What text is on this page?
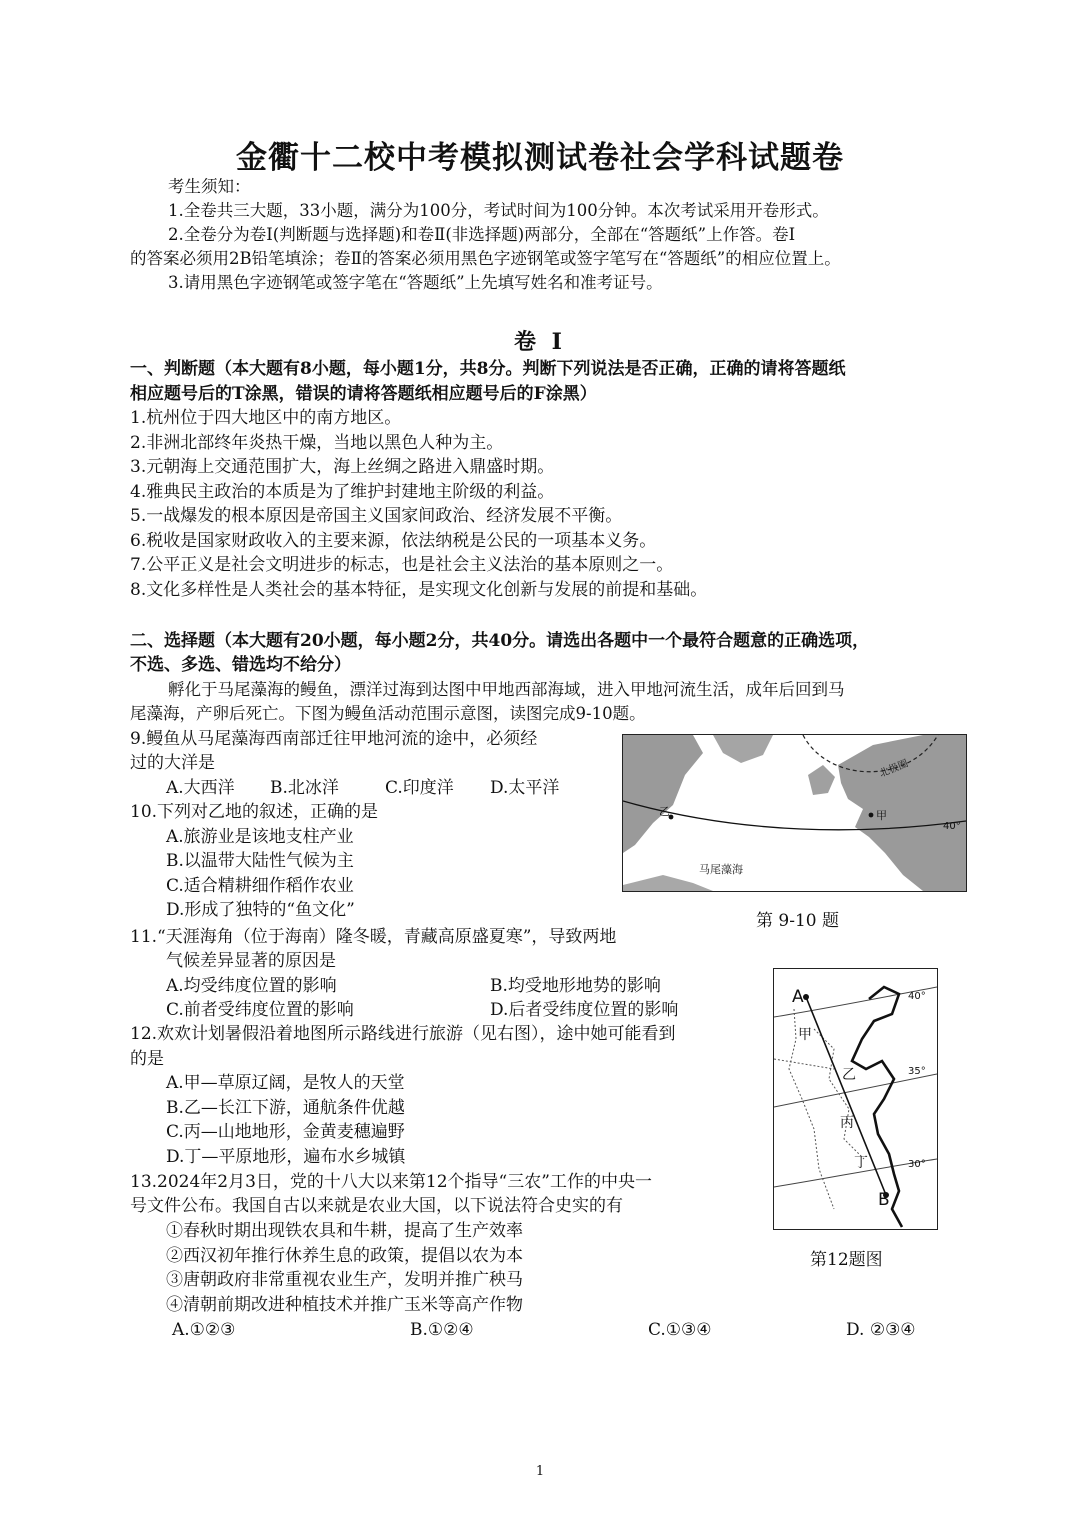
金衢十二校中考模拟测试卷社会学科试题卷
考生须知：
1.全卷共三大题，33小题，满分为100分，考试时间为100分钟。本次考试采用开卷形式。
2.全卷分为卷Ⅰ(判断题与选择题)和卷Ⅱ(非选择题)两部分，全部在“答题纸”上作答。卷Ⅰ
的答案必须用2B铅笔填涂；卷Ⅱ的答案必须用黑色字迹钢笔或签字笔写在“答题纸”的相应位置上。
3.请用黑色字迹钢笔或签字笔在“答题纸”上先填写姓名和准考证号。
卷 Ⅰ
一、判断题（本大题有8小题，每小题1分，共8分。判断下列说法是否正确，正确的请将答题纸
相应题号后的T涂黑，错误的请将答题纸相应题号后的F涂黑）
1.杭州位于四大地区中的南方地区。
2.非洲北部终年炎热干燥，当地以黑色人种为主。
3.元朝海上交通范围扩大，海上丝绸之路进入鼎盛时期。
4.雅典民主政治的本质是为了维护封建地主阶级的利益。
5.一战爆发的根本原因是帝国主义国家间政治、经济发展不平衡。
6.税收是国家财政收入的主要来源，依法纳税是公民的一项基本义务。
7.公平正义是社会文明进步的标志，也是社会主义法治的基本原则之一。
8.文化多样性是人类社会的基本特征，是实现文化创新与发展的前提和基础。
二、选择题（本大题有20小题，每小题2分，共40分。请选出各题中一个最符合题意的正确选项，
不选、多选、错选均不给分）
孵化于马尾藻海的鳗鱼，漂洋过海到达图中甲地西部海域，进入甲地河流生活，成年后回到马
尾藻海，产卵后死亡。下图为鳗鱼活动范围示意图，读图完成9-10题。
9.鳗鱼从马尾藻海西南部迁往甲地河流的途中，必须经
过的大洋是
A.大西洋 B.北冰洋	C.印度洋 D.太平洋
10.下列对乙地的叙述，正确的是
A.旅游业是该地支柱产业
B.以温带大陆性气候为主
C.适合精耕细作稻作农业
D.形成了独特的“鱼文化”
北极圈
乙	甲
40°
马尾藻海
第 9-10 题
11.“天涯海角（位于海南）隆冬暖，青藏高原盛夏寒”，导致两地
气候差异显著的原因是
A.均受纬度位置的影响	B.均受地形地势的影响
C.前者受纬度位置的影响	D.后者受纬度位置的影响
12.欢欢计划暑假沿着地图所示路线进行旅游（见右图），途中她可能看到
的是
A.甲—草原辽阔，是牧人的天堂
B.乙—长江下游，通航条件优越
C.丙—山地地形，金黄麦穗遍野
D.丁—平原地形，遍布水乡城镇
A
B
甲
乙
丙
丁
40°
35°
30°
第12题图
13.2024年2月3日，党的十八大以来第12个指导“三农”工作的中央一
号文件公布。我国自古以来就是农业大国，以下说法符合史实的有
①春秋时期出现铁农具和牛耕，提高了生产效率
②西汉初年推行休养生息的政策，提倡以农为本
③唐朝政府非常重视农业生产，发明并推广秧马
④清朝前期改进种植技术并推广玉米等高产作物
A.①②③	B.①②④	C.①③④	D. ②③④
1
